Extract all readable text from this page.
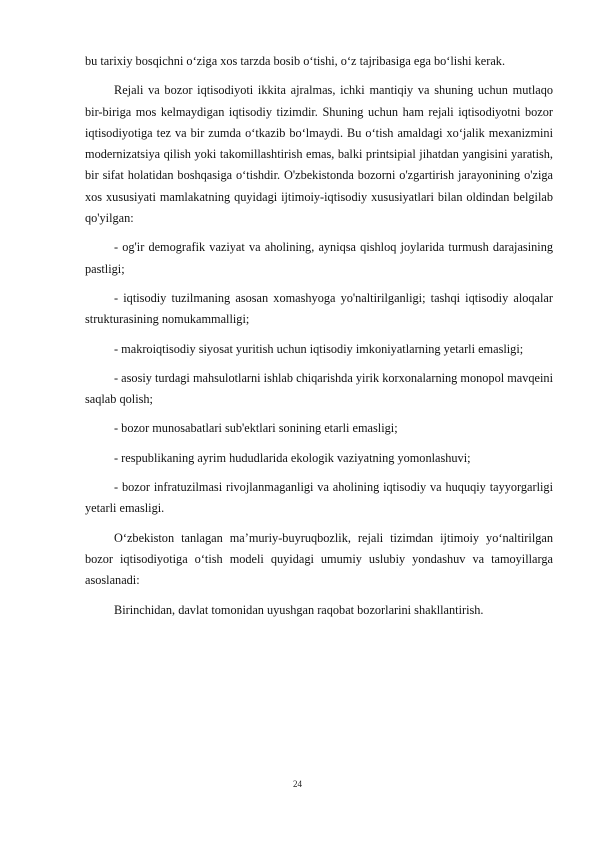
bu tarixiy bosqichni o‘ziga xos tarzda bosib o‘tishi, o‘z tajribasiga ega bo‘lishi kerak.

Rejali va bozor iqtisodiyoti ikkita ajralmas, ichki mantiqiy va shuning uchun mutlaqo bir-biriga mos kelmaydigan iqtisodiy tizimdir. Shuning uchun ham rejali iqtisodiyotni bozor iqtisodiyotiga tez va bir zumda o‘tkazib bo‘lmaydi. Bu o‘tish amaldagi xo‘jalik mexanizmini modernizatsiya qilish yoki takomillashtirish emas, balki printsipial jihatdan yangisini yaratish, bir sifat holatidan boshqasiga o‘tishdir. O'zbekistonda bozorni o'zgartirish jarayonining o'ziga xos xususiyati mamlakatning quyidagi ijtimoiy-iqtisodiy xususiyatlari bilan oldindan belgilab qo'yilgan:

- og'ir demografik vaziyat va aholining, ayniqsa qishloq joylarida turmush darajasining pastligi;

- iqtisodiy tuzilmaning asosan xomashyoga yo'naltirilganligi; tashqi iqtisodiy aloqalar strukturasining nomukammalligi;

- makroiqtisodiy siyosat yuritish uchun iqtisodiy imkoniyatlarning yetarli emasligi;

- asosiy turdagi mahsulotlarni ishlab chiqarishda yirik korxonalarning monopol mavqeini saqlab qolish;

- bozor munosabatlari sub'ektlari sonining etarli emasligi;

- respublikaning ayrim hududlarida ekologik vaziyatning yomonlashuvi;

- bozor infratuzilmasi rivojlanmaganligi va aholining iqtisodiy va huquqiy tayyorgarligi yetarli emasligi.

O‘zbekiston tanlagan ma’muriy-buyruqbozlik, rejali tizimdan ijtimoiy yo‘naltirilgan bozor iqtisodiyotiga o‘tish modeli quyidagi umumiy uslubiy yondashuv va tamoyillarga asoslanadi:

Birinchidan, davlat tomonidan uyushgan raqobat bozorlarini shakllantirish.

24
